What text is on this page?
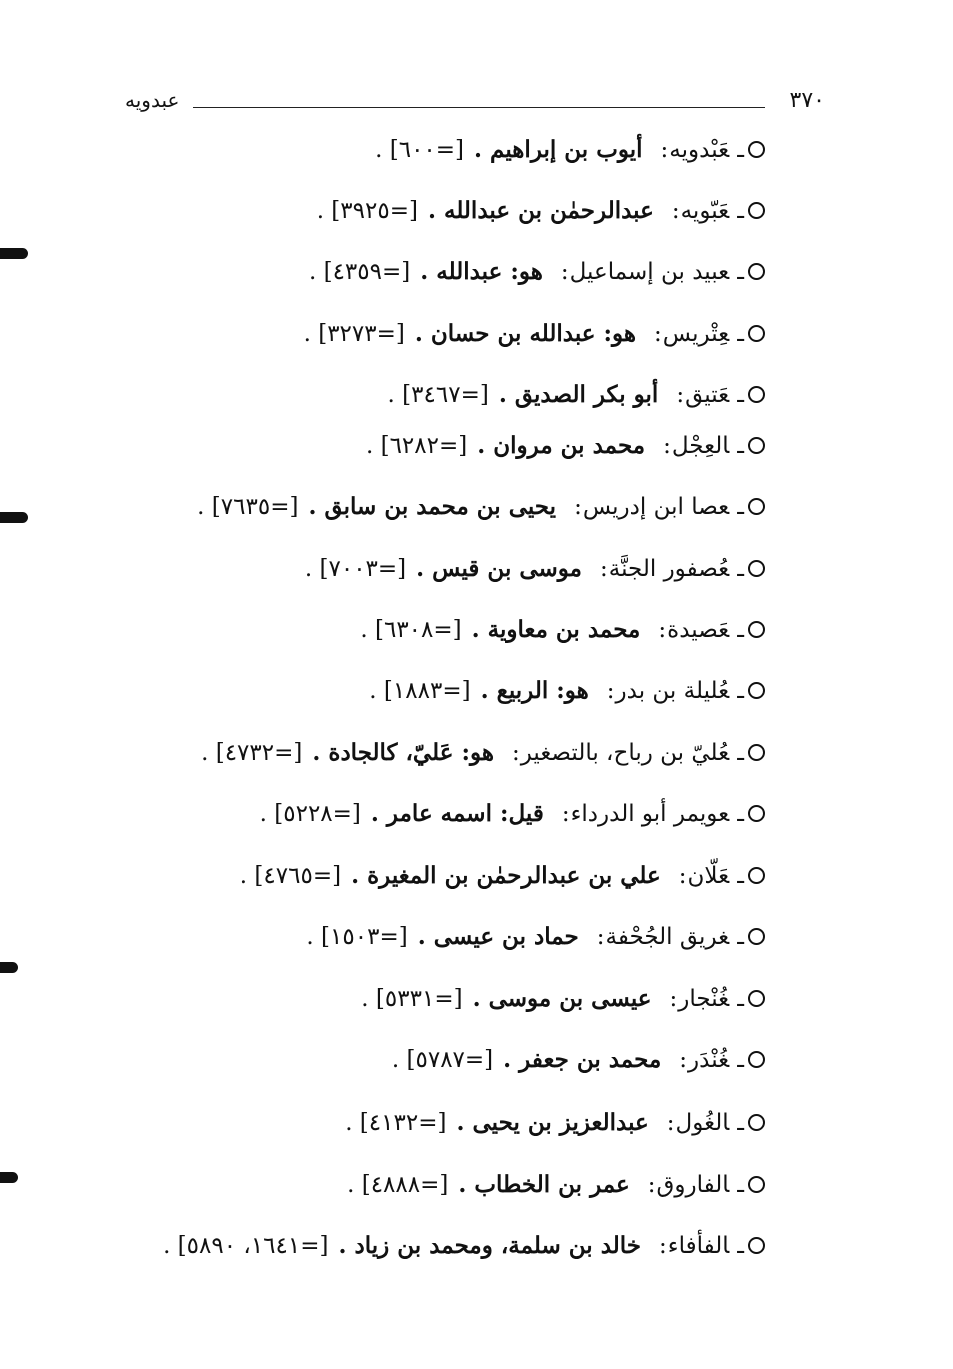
٣٧٠
عبدويه
ـعَبْدويه:أيوب بن إبراهيم .[=٦٠٠] .
ـعَبّويه:عبدالرحمٰن بن عبدالله .[=٣٩٢٥] .
ـعبيد بن إسماعيل:هو: عبدالله .[=٤٣٥٩] .
ـعِتْريس:هو: عبدالله بن حسان .[=٣٢٧٣] .
ـعَتيق:أبو بكر الصديق .[=٣٤٦٧] .
ـالعِجْل:محمد بن مروان .[=٦٢٨٢] .
ـعصا ابن إدريس:يحيى بن محمد بن سابق .[=٧٦٣٥] .
ـعُصفور الجنَّة:موسى بن قيس .[=٧٠٠٣] .
ـعَصيدة:محمد بن معاوية .[=٦٣٠٨] .
ـعُليلة بن بدر:هو: الربيع .[=١٨٨٣] .
ـعُليّ بن رباح، بالتصغير:هو: عَليّ، كالجادة .[=٤٧٣٢] .
ـعويمر أبو الدرداء:قيل: اسمه عامر .[=٥٢٢٨] .
ـعَلّان:علي بن عبدالرحمٰن بن المغيرة .[=٤٧٦٥] .
ـغريق الجُحْفة:حماد بن عيسى .[=١٥٠٣] .
ـغُنْجار:عيسى بن موسى .[=٥٣٣١] .
ـغُنْدَر:محمد بن جعفر .[=٥٧٨٧] .
ـالغُول:عبدالعزيز بن يحيى .[=٤١٣٢] .
ـالفاروق:عمر بن الخطاب .[=٤٨٨٨] .
ـالفأفاء:خالد بن سلمة، ومحمد بن زياد .[=١٦٤١، ٥٨٩٠] .
